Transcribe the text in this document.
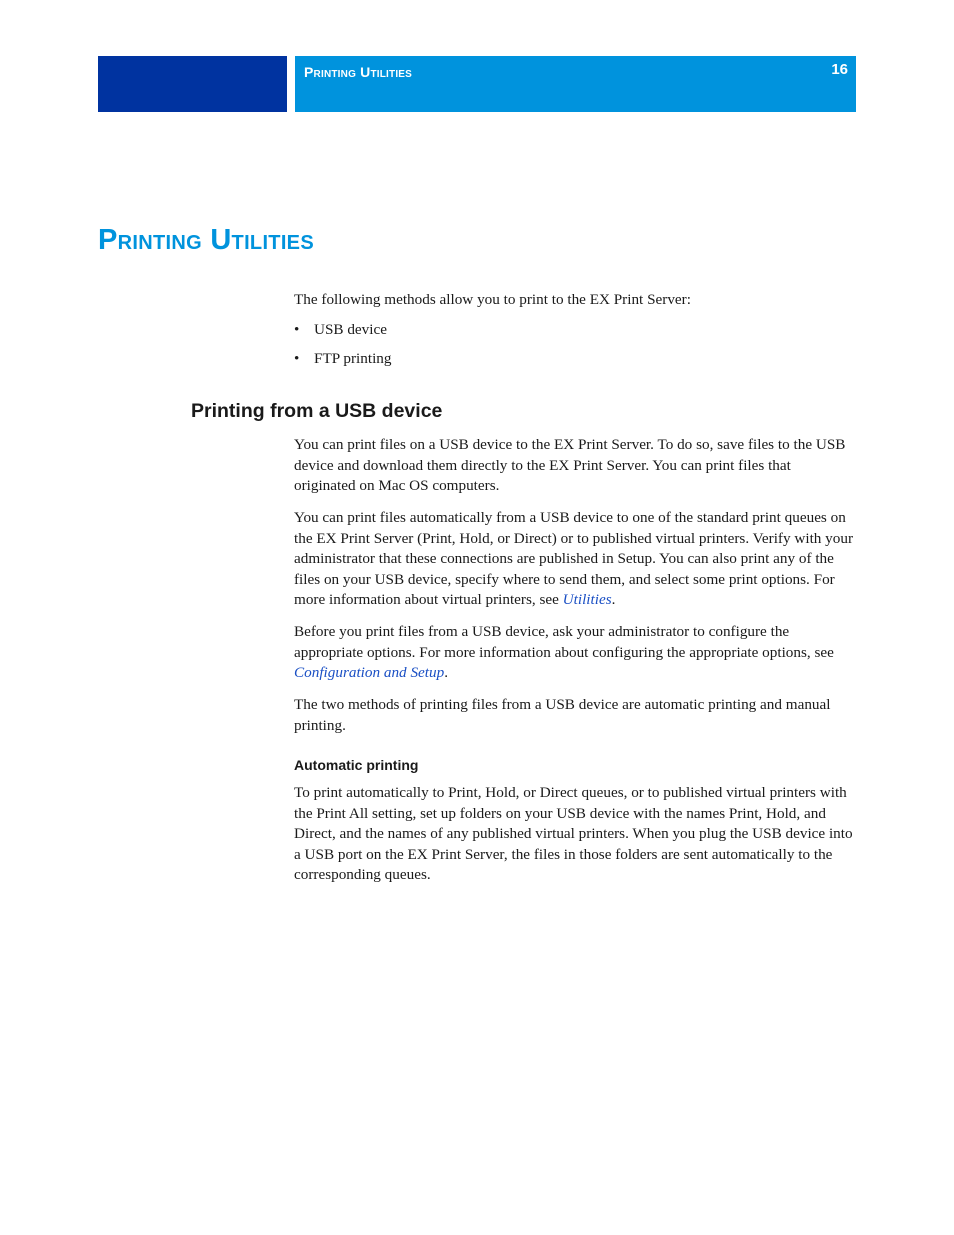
Printing Utilities	16
Printing Utilities

The following methods allow you to print to the EX Print Server:

• USB device
• FTP printing
Printing from a USB device

You can print files on a USB device to the EX Print Server. To do so, save files to the USB device and download them directly to the EX Print Server. You can print files that originated on Mac OS computers.

You can print files automatically from a USB device to one of the standard print queues on the EX Print Server (Print, Hold, or Direct) or to published virtual printers. Verify with your administrator that these connections are published in Setup. You can also print any of the files on your USB device, specify where to send them, and select some print options. For more information about virtual printers, see Utilities.

Before you print files from a USB device, ask your administrator to configure the appropriate options. For more information about configuring the appropriate options, see Configuration and Setup.

The two methods of printing files from a USB device are automatic printing and manual printing.

Automatic printing

To print automatically to Print, Hold, or Direct queues, or to published virtual printers with the Print All setting, set up folders on your USB device with the names Print, Hold, and Direct, and the names of any published virtual printers. When you plug the USB device into a USB port on the EX Print Server, the files in those folders are sent automatically to the corresponding queues.
